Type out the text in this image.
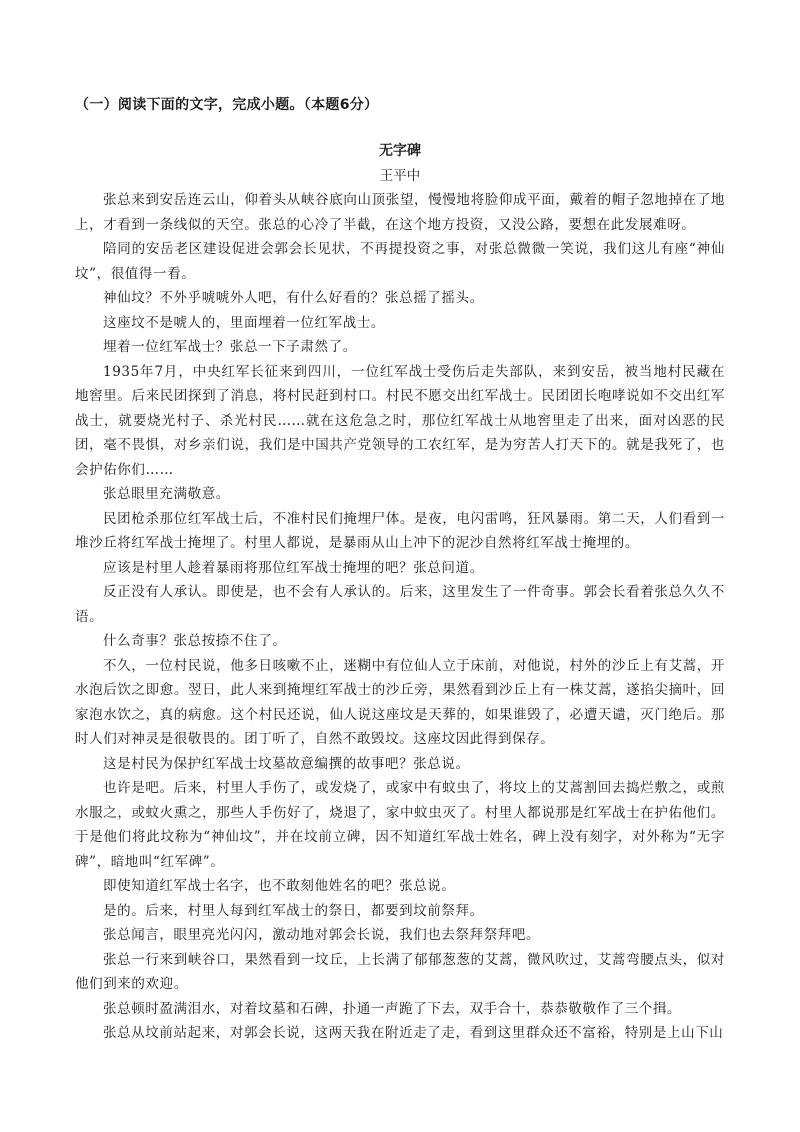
（一）阅读下面的文字，完成小题。（本题6分）
无字碑
王平中

张总来到安岳连云山，仰着头从峡谷底向山顶张望，慢慢地将脸仰成平面，戴着的帽子忽地掉在了地上，才看到一条线似的天空。张总的心冷了半截，在这个地方投资，又没公路，要想在此发展难呀。

陪同的安岳老区建设促进会郭会长见状，不再提投资之事，对张总微微一笑说，我们这儿有座“神仙坟”，很值得一看。

神仙坟？不外乎唬唬外人吧，有什么好看的？张总摇了摇头。

这座坟不是唬人的，里面埋着一位红军战士。

埋着一位红军战士？张总一下子肃然了。

1935年7月，中央红军长征来到四川，一位红军战士受伤后走失部队，来到安岳，被当地村民藏在地窖里。后来民团探到了消息，将村民赶到村口。村民不愿交出红军战士。民团团长咆哮说如不交出红军战士，就要烧光村子、杀光村民……就在这危急之时，那位红军战士从地窖里走了出来，面对凶恶的民团，毫不畏惧，对乡亲们说，我们是中国共产党领导的工农红军，是为穷苦人打天下的。就是我死了，也会护佑你们……

张总眼里充满敬意。

民团枪杀那位红军战士后，不准村民们掩埋尸体。是夜，电闪雷鸣，狂风暴雨。第二天，人们看到一堆沙丘将红军战士掩埋了。村里人都说，是暴雨从山上冲下的泥沙自然将红军战士掩埋的。

应该是村里人趁着暴雨将那位红军战士掩埋的吧？张总问道。

反正没有人承认。即使是，也不会有人承认的。后来，这里发生了一件奇事。郭会长看着张总久久不语。

什么奇事？张总按捺不住了。

不久，一位村民说，他多日咳嗽不止，迷糊中有位仙人立于床前，对他说，村外的沙丘上有艾蒿，开水泡后饮之即愈。翌日，此人来到掩埋红军战士的沙丘旁，果然看到沙丘上有一株艾蒿，遂掐尖摘叶，回家泡水饮之，真的病愈。这个村民还说，仙人说这座坟是天葬的，如果谁毁了，必遭天谴，灭门绝后。那时人们对神灵是很敬畏的。团丁听了，自然不敢毁坟。这座坟因此得到保存。

这是村民为保护红军战士坟墓故意编撰的故事吧？张总说。

也许是吧。后来，村里人手伤了，或发烧了，或家中有蚊虫了，将坟上的艾蒿割回去捣烂敷之，或煎水服之，或蚊火熏之，那些人手伤好了，烧退了，家中蚊虫灭了。村里人都说那是红军战士在护佑他们。于是他们将此坟称为“神仙坟”，并在坟前立碑，因不知道红军战士姓名，碑上没有刻字，对外称为“无字碑”，暗地叫“红军碑”。

即使知道红军战士名字，也不敢刻他姓名的吧？张总说。

是的。后来，村里人每到红军战士的祭日，都要到坟前祭拜。

张总闻言，眼里亮光闪闪，激动地对郭会长说，我们也去祭拜祭拜吧。

张总一行来到峡谷口，果然看到一坟丘，上长满了郁郁葱葱的艾蒿，微风吹过，艾蒿弯腰点头，似对他们到来的欢迎。

张总顿时盈满泪水，对着坟墓和石碑，扑通一声跪了下去，双手合十，恭恭敬敬作了三个揖。

张总从坟前站起来，对郭会长说，这两天我在附近走了走，看到这里群众还不富裕，特别是上山下山
